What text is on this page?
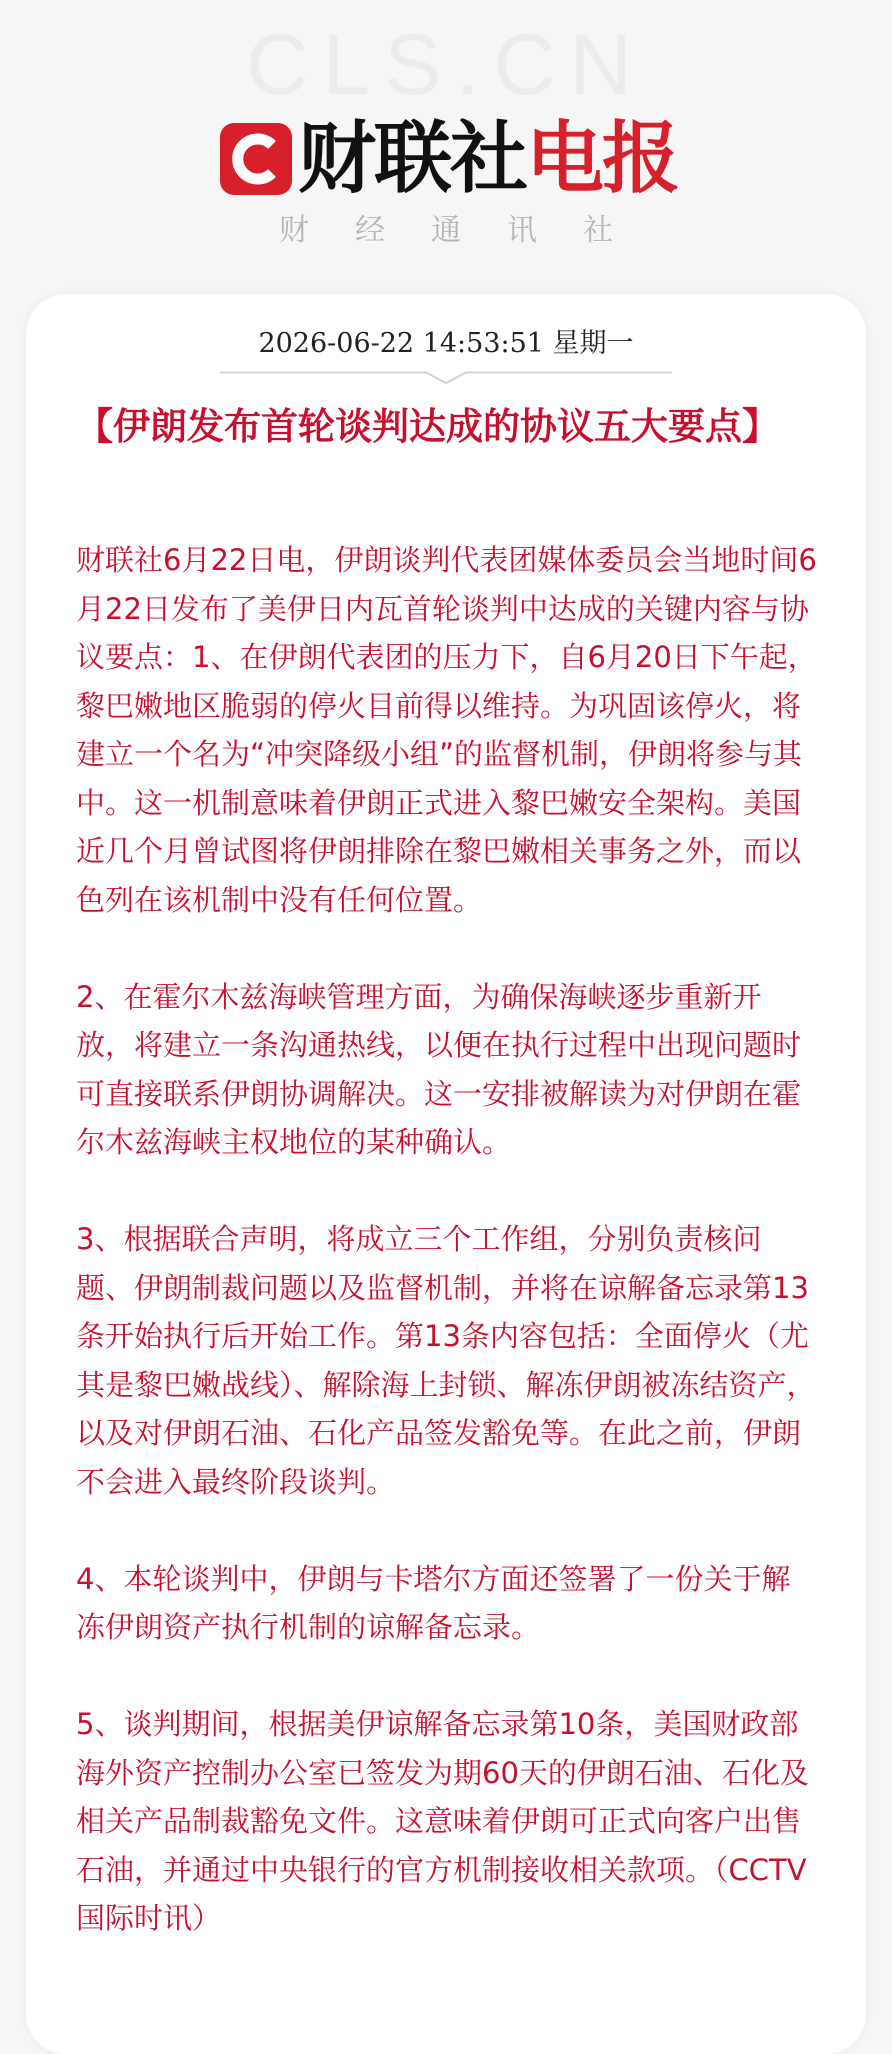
CLS.CN
财联社 电报
财经通讯社
2026-06-22 14:53:51 星期一
【伊朗发布首轮谈判达成的协议五大要点】

财联社6月22日电，伊朗谈判代表团媒体委员会当地时间6月22日发布了美伊日内瓦首轮谈判中达成的关键内容与协议要点：1、在伊朗代表团的压力下，自6月20日下午起，黎巴嫩地区脆弱的停火目前得以维持。为巩固该停火，将建立一个名为“冲突降级小组”的监督机制，伊朗将参与其中。这一机制意味着伊朗正式进入黎巴嫩安全架构。美国近几个月曾试图将伊朗排除在黎巴嫩相关事务之外，而以色列在该机制中没有任何位置。

2、在霍尔木兹海峡管理方面，为确保海峡逐步重新开放，将建立一条沟通热线，以便在执行过程中出现问题时可直接联系伊朗协调解决。这一安排被解读为对伊朗在霍尔木兹海峡主权地位的某种确认。

3、根据联合声明，将成立三个工作组，分别负责核问题、伊朗制裁问题以及监督机制，并将在谅解备忘录第13条开始执行后开始工作。第13条内容包括：全面停火（尤其是黎巴嫩战线）、解除海上封锁、解冻伊朗被冻结资产，以及对伊朗石油、石化产品签发豁免等。在此之前，伊朗不会进入最终阶段谈判。

4、本轮谈判中，伊朗与卡塔尔方面还签署了一份关于解冻伊朗资产执行机制的谅解备忘录。

5、谈判期间，根据美伊谅解备忘录第10条，美国财政部海外资产控制办公室已签发为期60天的伊朗石油、石化及相关产品制裁豁免文件。这意味着伊朗可正式向客户出售石油，并通过中央银行的官方机制接收相关款项。（CCTV国际时讯）
